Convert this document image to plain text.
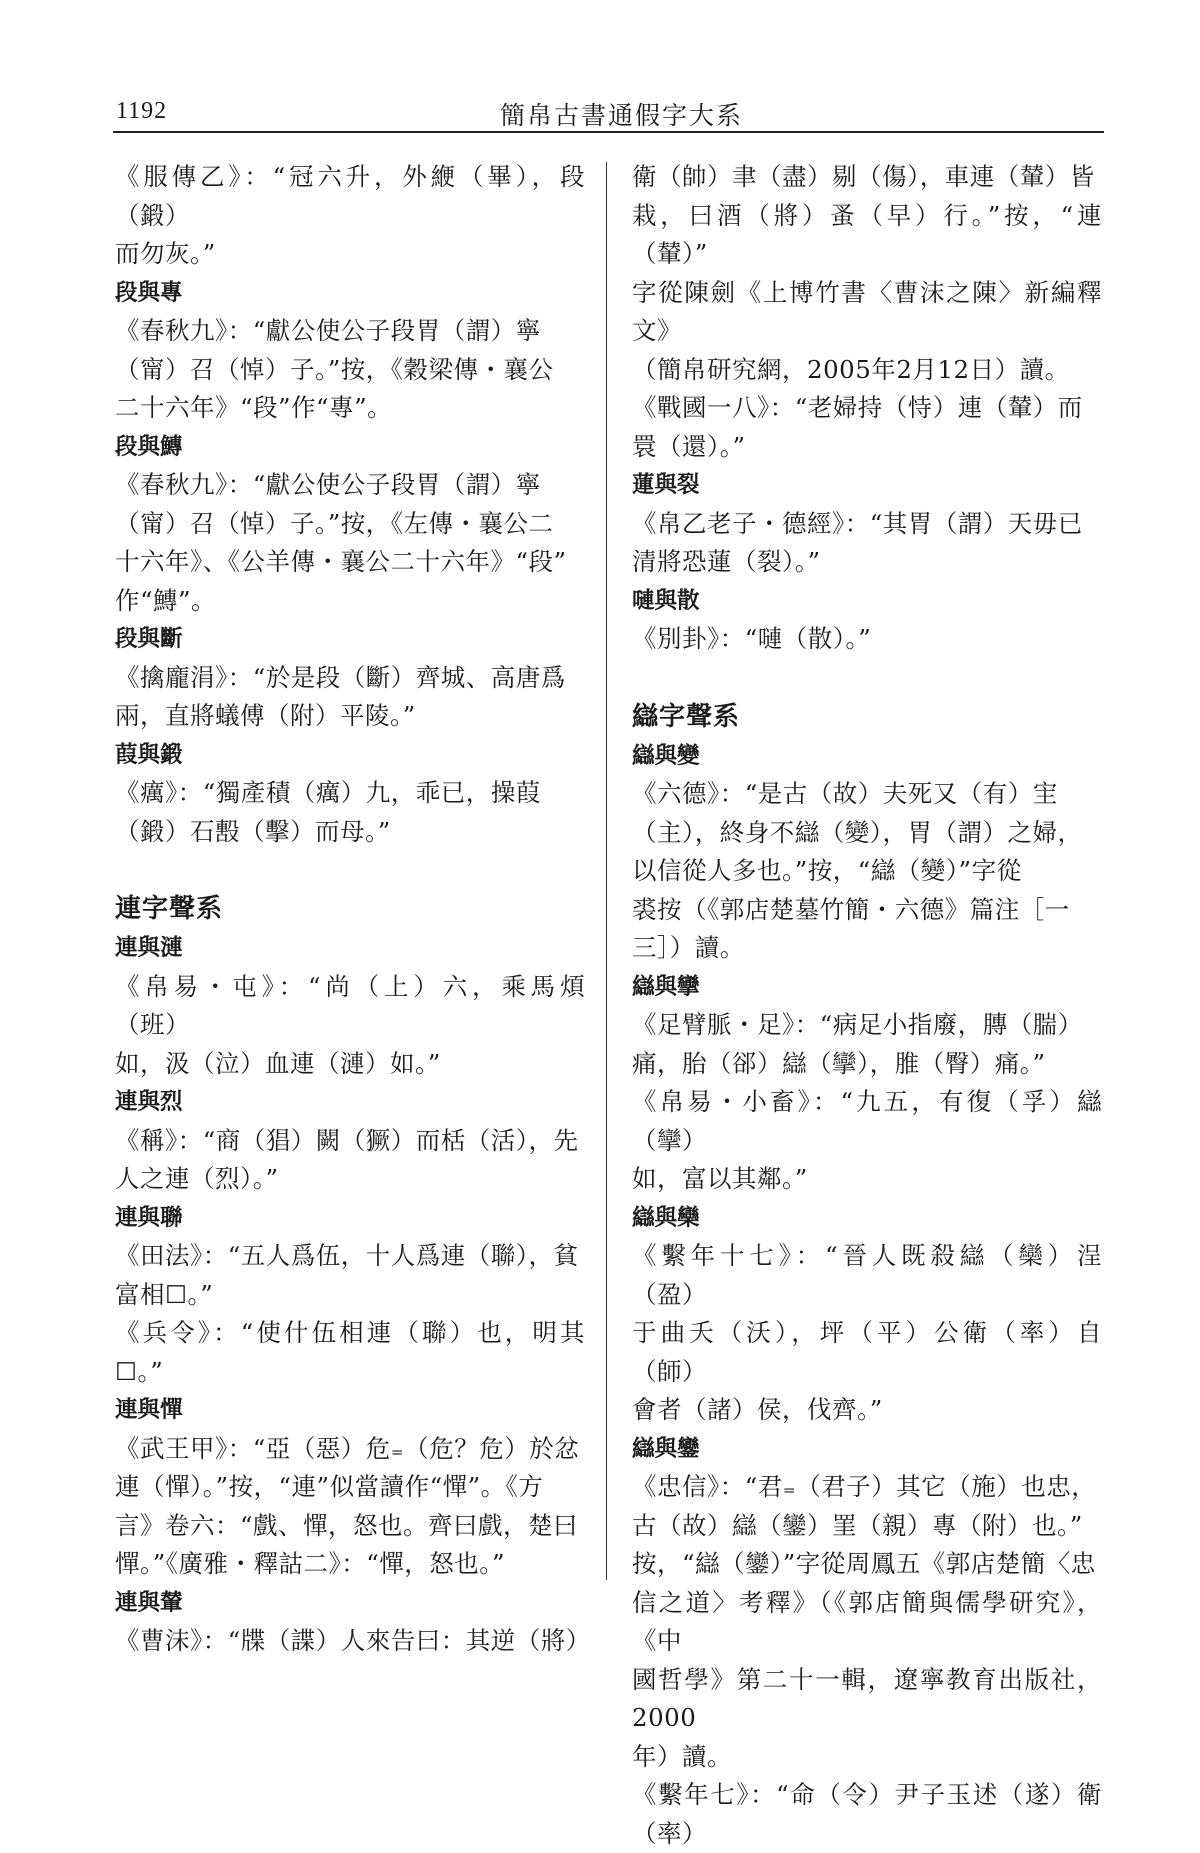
1192	簡帛古書通假字大系

《服傳乙》：“冠六升，外緶（畢），段（鍛）
而勿灰。”

段與專

《春秋九》：“獻公使公子段胃（謂）寧
（甯）召（悼）子。”按，《穀梁傳・襄公
二十六年》“段”作“專”。

段與鱄

《春秋九》：“獻公使公子段胃（謂）寧
（甯）召（悼）子。”按，《左傳・襄公二
十六年》、《公羊傳・襄公二十六年》“段”
作“鱄”。

段與斷

《擒龐涓》：“於是段（斷）齊城、高唐爲
兩，直將蟻傅（附）平陵。”

葭與鍛

《癘》：“獨產積（癘）九，乖已，操葭
（鍛）石毄（擊）而母。”

連字聲系

連與漣

《帛易・屯》：“尚（上）六，乘馬煩（班）
如，汲（泣）血連（漣）如。”

連與烈

《稱》：“商（猖）闕（獗）而栝（活），先
人之連（烈）。”

連與聯

《田法》：“五人爲伍，十人爲連（聯），貧
富相☐。”

《兵令》：“使什伍相連（聯）也，明其☐。”

連與憚

《武王甲》：“亞（惡）危₌（危？危）於忿
連（憚）。”按，“連”似當讀作“憚”。《方
言》卷六：“戲、憚，怒也。齊曰戲，楚曰
憚。”《廣雅・釋詁二》：“憚，怒也。”

連與輦

《曹沫》：“牒（諜）人來告曰：其逆（將）

衛（帥）聿（盡）剔（傷），車連（輦）皆
栽，曰酒（將）蚤（早）行。”按，“連（輦）”
字從陳劍《上博竹書〈曹沫之陳〉新編釋文》
（簡帛研究網，2005年2月12日）讀。

《戰國一八》：“老婦持（恃）連（輦）而
睘（還）。”

蓮與裂

《帛乙老子・德經》：“其胃（謂）天毋已
清將恐蓮（裂）。”

嗹與散

《別卦》：“嗹（散）。”

䜌字聲系

䜌與變

《六德》：“是古（故）夫死又（有）宔
（主），終身不䜌（變），胃（謂）之婦，
以信從人多也。”按，“䜌（變）”字從
裘按（《郭店楚墓竹簡・六德》篇注［一
三］）讀。

䜌與攣

《足臂脈・足》：“病足小指廢，膞（腨）
痛，胎（郤）䜌（攣），脽（臀）痛。”

《帛易・小畜》：“九五，有復（孚）䜌（攣）
如，富以其鄰。”

䜌與欒

《繫年十七》：“晉人既殺䜌（欒）浧（盈）
于曲夭（沃），坪（平）公衛（率）自（師）
會者（諸）侯，伐齊。”

䜌與鑾

《忠信》：“君₌（君子）其它（施）也忠，
古（故）䜌（鑾）罣（親）專（附）也。”
按，“䜌（鑾）”字從周鳳五《郭店楚簡〈忠
信之道〉考釋》（《郭店簡與儒學研究》，《中
國哲學》第二十一輯，遼寧教育出版社，2000
年）讀。

《繫年七》：“命（令）尹子玉述（遂）衛（率）
